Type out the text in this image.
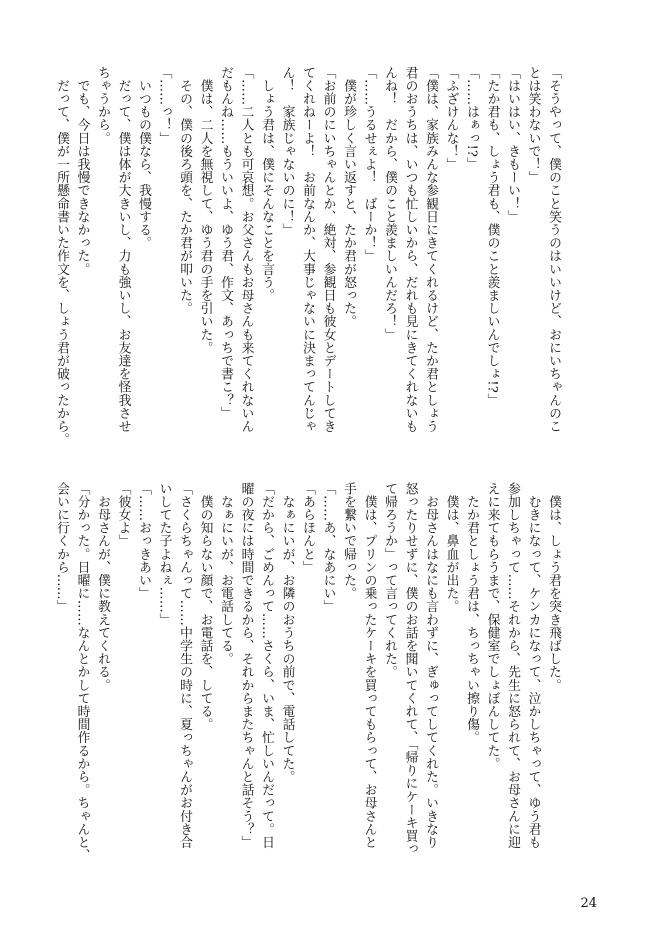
「そうやって、僕のこと笑うのはいいけど、おにいちゃんのこ
とは笑わないで！」
「はいはい、きもーい！」
「たか君も、しょう君も、僕のこと羨ましいんでしょ!?」
「……はぁっ!?」
「ふざけんな！」
「僕は、家族みんな参観日にきてくれるけど、たか君としょう
君のおうちは、いつも忙しいから、だれも見にきてくれないも
んね！　だから、僕のこと羨ましいんだろ！」
「……うるせぇよ！　ばーか！」
　僕が珍しく言い返すと、たか君が怒った。
「お前のにいちゃんとか、絶対、参観日も彼女とデートしてき
てくれねーよ！　お前なんか、大事じゃないに決まってんじゃ
ん！　家族じゃないのに！」
　しょう君は、僕にそんなことを言う。
「……二人とも可哀想。お父さんもお母さんも来てくれないん
だもんね……もういいよ、ゆう君、作文、あっちで書こ？」
　僕は、二人を無視して、ゆう君の手を引いた。
　その、僕の後ろ頭を、たか君が叩いた。
「……っ！」
　いつもの僕なら、我慢する。
　だって、僕は体が大きいし、力も強いし、お友達を怪我させ
ちゃうから。
　でも、今日は我慢できなかった。
　だって、僕が一所懸命書いた作文を、しょう君が破ったから。
　僕は、しょう君を突き飛ばした。
　むきになって、ケンカになって、泣かしちゃって、ゆう君も
参加しちゃって……それから、先生に怒られて、お母さんに迎
えに来てもらうまで、保健室でしょぼんしてた。
　たか君としょう君は、ちっちゃい擦り傷。
　僕は、鼻血が出た。
　お母さんはなにも言わずに、ぎゅってしてくれた。いきなり
怒ったりせずに、僕のお話を聞いてくれて、「帰りにケーキ買っ
て帰ろうか」って言ってくれた。
　僕は、プリンの乗ったケーキを買ってもらって、お母さんと
手を繋いで帰った。
「……あ、なあにい」
「あらほんと」
　なぁにいが、お隣のおうちの前で、電話してた。
「だから、ごめんって……さくら、いま、忙しいんだって。日
曜の夜には時間できるから、それからまたちゃんと話そう？」
　なぁにいが、お電話してる。
　僕の知らない顔で、お電話を、してる。
「さくらちゃんって……中学生の時に、夏っちゃんがお付き合
いしてた子よねぇ……」
「……おっきあい」
「彼女よ」
　お母さんが、僕に教えてくれる。
「分かった。日曜に……なんとかして時間作るから。ちゃんと、
会いに行くから……」
24
